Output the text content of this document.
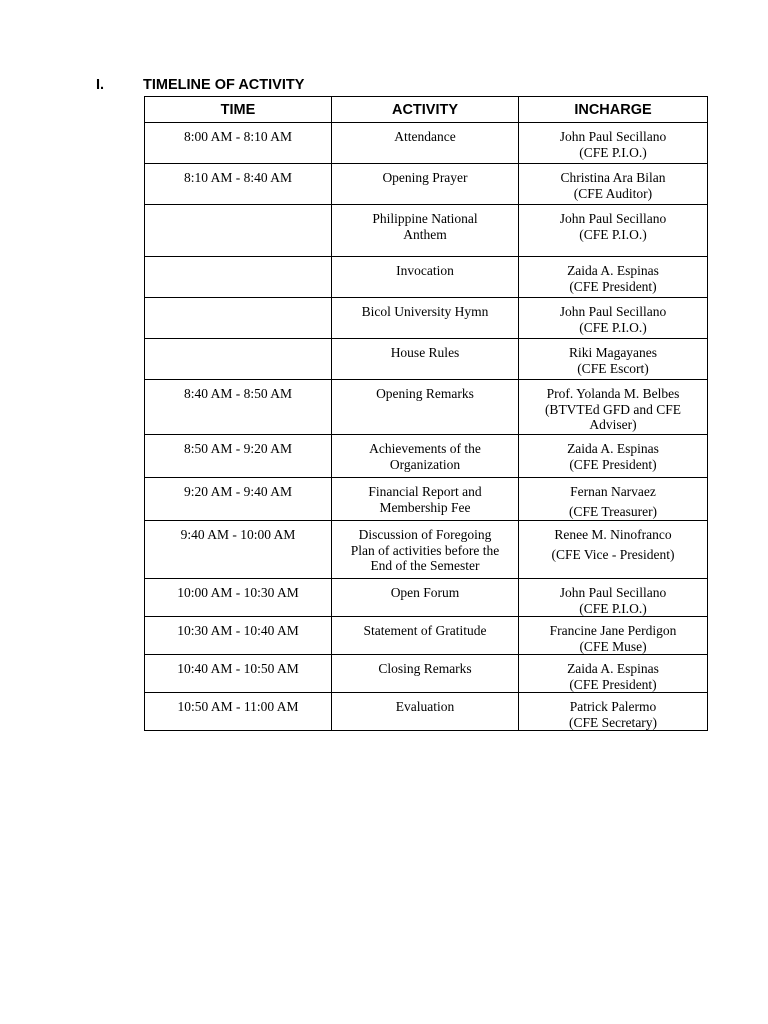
I.	TIMELINE OF ACTIVITY
TIME	ACTIVITY	INCHARGE
8:00 AM - 8:10 AM	Attendance	John Paul Secillano
(CFE P.I.O.)

8:10 AM - 8:40 AM	Opening Prayer	Christina Ara Bilan
(CFE Auditor)

	Philippine National Anthem	John Paul Secillano
(CFE P.I.O.)

	Invocation	Zaida A. Espinas
(CFE President)

	Bicol University Hymn	John Paul Secillano
(CFE P.I.O.)

	House Rules	Riki Magayanes
(CFE Escort)

8:40 AM - 8:50 AM	Opening Remarks	Prof. Yolanda M. Belbes
(BTVTEd GFD and CFE Adviser)

8:50 AM - 9:20 AM	Achievements of the Organization	Zaida A. Espinas
(CFE President)

9:20 AM - 9:40 AM	Financial Report and Membership Fee	Fernan Narvaez
(CFE Treasurer)

9:40 AM - 10:00 AM	Discussion of Foregoing Plan of activities before the End of the Semester	Renee M. Ninofranco
(CFE Vice - President)

10:00 AM - 10:30 AM	Open Forum	John Paul Secillano
(CFE P.I.O.)

10:30 AM - 10:40 AM	Statement of Gratitude	Francine Jane Perdigon
(CFE Muse)

10:40 AM - 10:50 AM	Closing Remarks	Zaida A. Espinas
(CFE President)

10:50 AM - 11:00 AM	Evaluation	Patrick Palermo
(CFE Secretary)
